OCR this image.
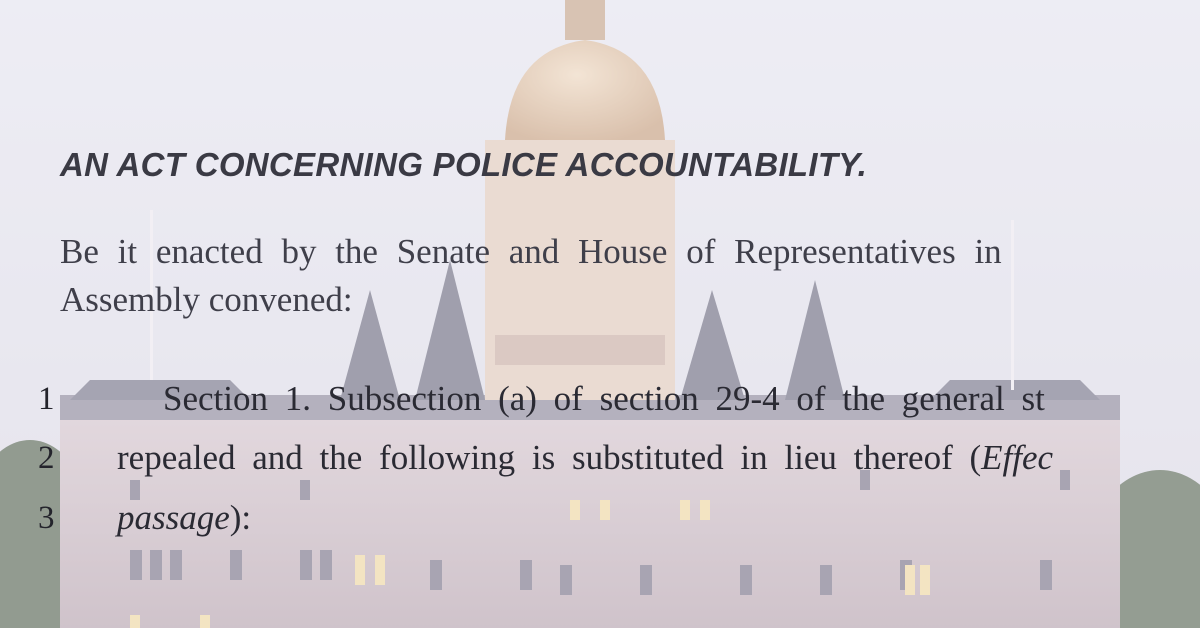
AN ACT CONCERNING POLICE ACCOUNTABILITY.
Be it enacted by the Senate and House of Representatives in
Assembly convened:
1	Section 1. Subsection (a) of section 29-4 of the general st
2 repealed and the following is substituted in lieu thereof (Effec
3 passage):
